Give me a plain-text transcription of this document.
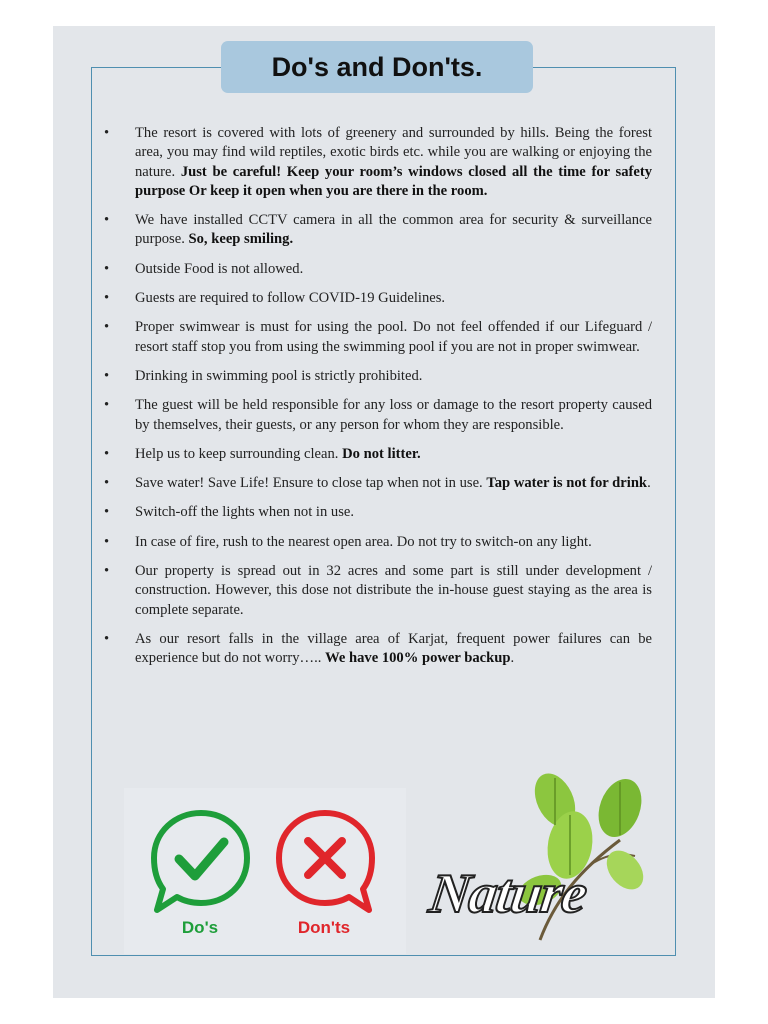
Do's and Don'ts.
• The resort is covered with lots of greenery and surrounded by hills. Being the forest area, you may find wild reptiles, exotic birds etc. while you are walking or enjoying the nature. Just be careful! Keep your room’s windows closed all the time for safety purpose Or keep it open when you are there in the room.
• We have installed CCTV camera in all the common area for security & surveillance purpose. So, keep smiling.
• Outside Food is not allowed.
• Guests are required to follow COVID-19 Guidelines.
• Proper swimwear is must for using the pool. Do not feel offended if our Lifeguard / resort staff stop you from using the swimming pool if you are not in proper swimwear.
• Drinking in swimming pool is strictly prohibited.
• The guest will be held responsible for any loss or damage to the resort property caused by themselves, their guests, or any person for whom they are responsible.
• Help us to keep surrounding clean. Do not litter.
• Save water! Save Life! Ensure to close tap when not in use. Tap water is not for drink.
• Switch-off the lights when not in use.
• In case of fire, rush to the nearest open area. Do not try to switch-on any light.
• Our property is spread out in 32 acres and some part is still under development / construction. However, this dose not distribute the in-house guest staying as the area is complete separate.
• As our resort falls in the village area of Karjat, frequent power failures can be experience but do not worry….. We have 100% power backup.
Do's	Don'ts
Nature
